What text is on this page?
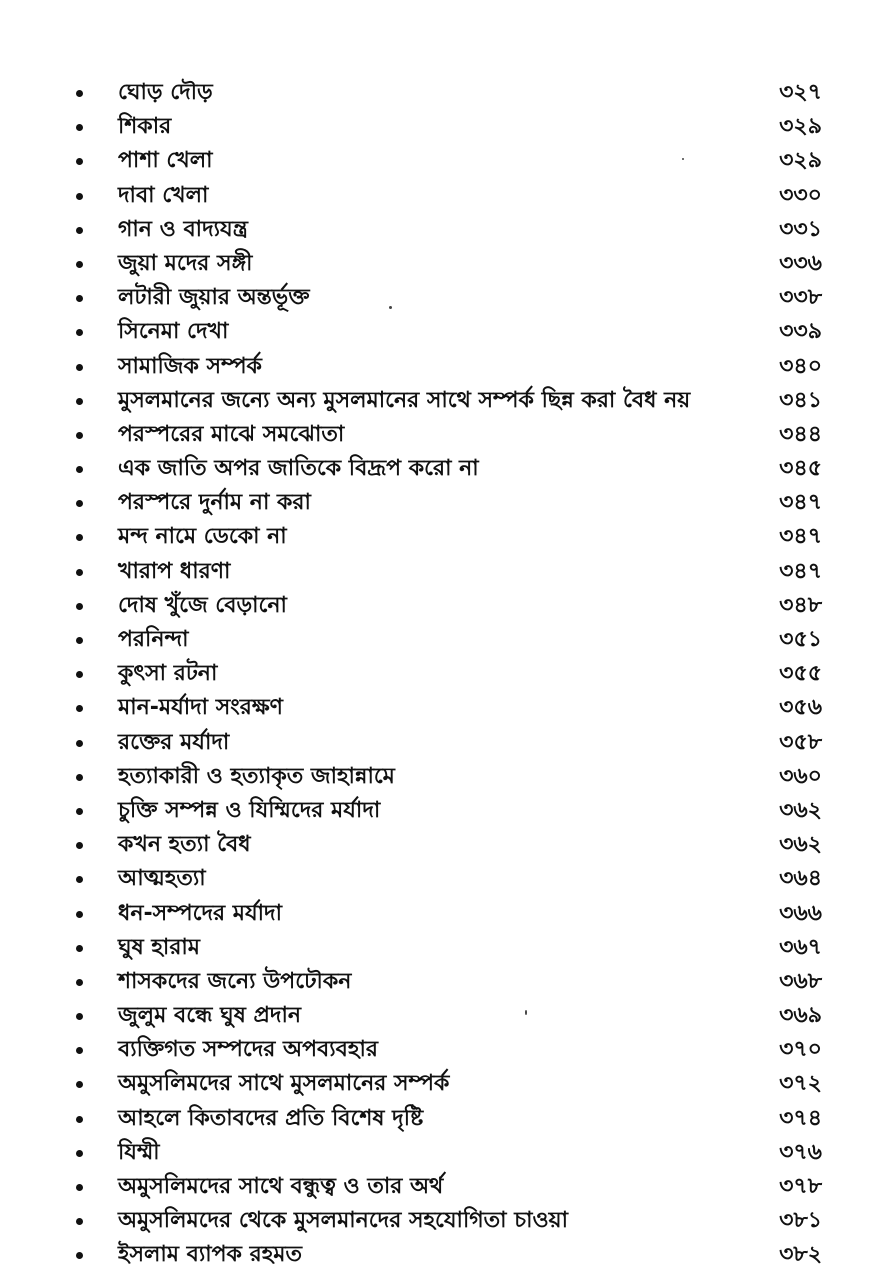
ঘোড় দৌড়	৩২৭
শিকার	৩২৯
পাশা খেলা	৩২৯
দাবা খেলা	৩৩০
গান ও বাদ্যযন্ত্র	৩৩১
জুয়া মদের সঙ্গী	৩৩৬
লটারী জুয়ার অন্তর্ভূক্ত	৩৩৮
সিনেমা দেখা	৩৩৯
সামাজিক সম্পর্ক	৩৪০
মুসলমানের জন্যে অন্য মুসলমানের সাথে সম্পর্ক ছিন্ন করা বৈধ নয়	৩৪১
পরস্পরের মাঝে সমঝোতা	৩৪৪
এক জাতি অপর জাতিকে বিদ্রূপ করো না	৩৪৫
পরস্পরে দুর্নাম না করা	৩৪৭
মন্দ নামে ডেকো না	৩৪৭
খারাপ ধারণা	৩৪৭
দোষ খুঁজে বেড়ানো	৩৪৮
পরনিন্দা	৩৫১
কুৎসা রটনা	৩৫৫
মান-মর্যাদা সংরক্ষণ	৩৫৬
রক্তের মর্যাদা	৩৫৮
হত্যাকারী ও হত্যাকৃত জাহান্নামে	৩৬০
চুক্তি সম্পন্ন ও যিম্মিদের মর্যাদা	৩৬২
কখন হত্যা বৈধ	৩৬২
আত্মহত্যা	৩৬৪
ধন-সম্পদের মর্যাদা	৩৬৬
ঘুষ হারাম	৩৬৭
শাসকদের জন্যে উপঢৌকন	৩৬৮
জুলুম বন্ধে ঘুষ প্রদান	৩৬৯
ব্যক্তিগত সম্পদের অপব্যবহার	৩৭০
অমুসলিমদের সাথে মুসলমানের সম্পর্ক	৩৭২
আহলে কিতাবদের প্রতি বিশেষ দৃষ্টি	৩৭৪
যিম্মী	৩৭৬
অমুসলিমদের সাথে বন্ধুত্ব ও তার অর্থ	৩৭৮
অমুসলিমদের থেকে মুসলমানদের সহযোগিতা চাওয়া	৩৮১
ইসলাম ব্যাপক রহমত	৩৮২
